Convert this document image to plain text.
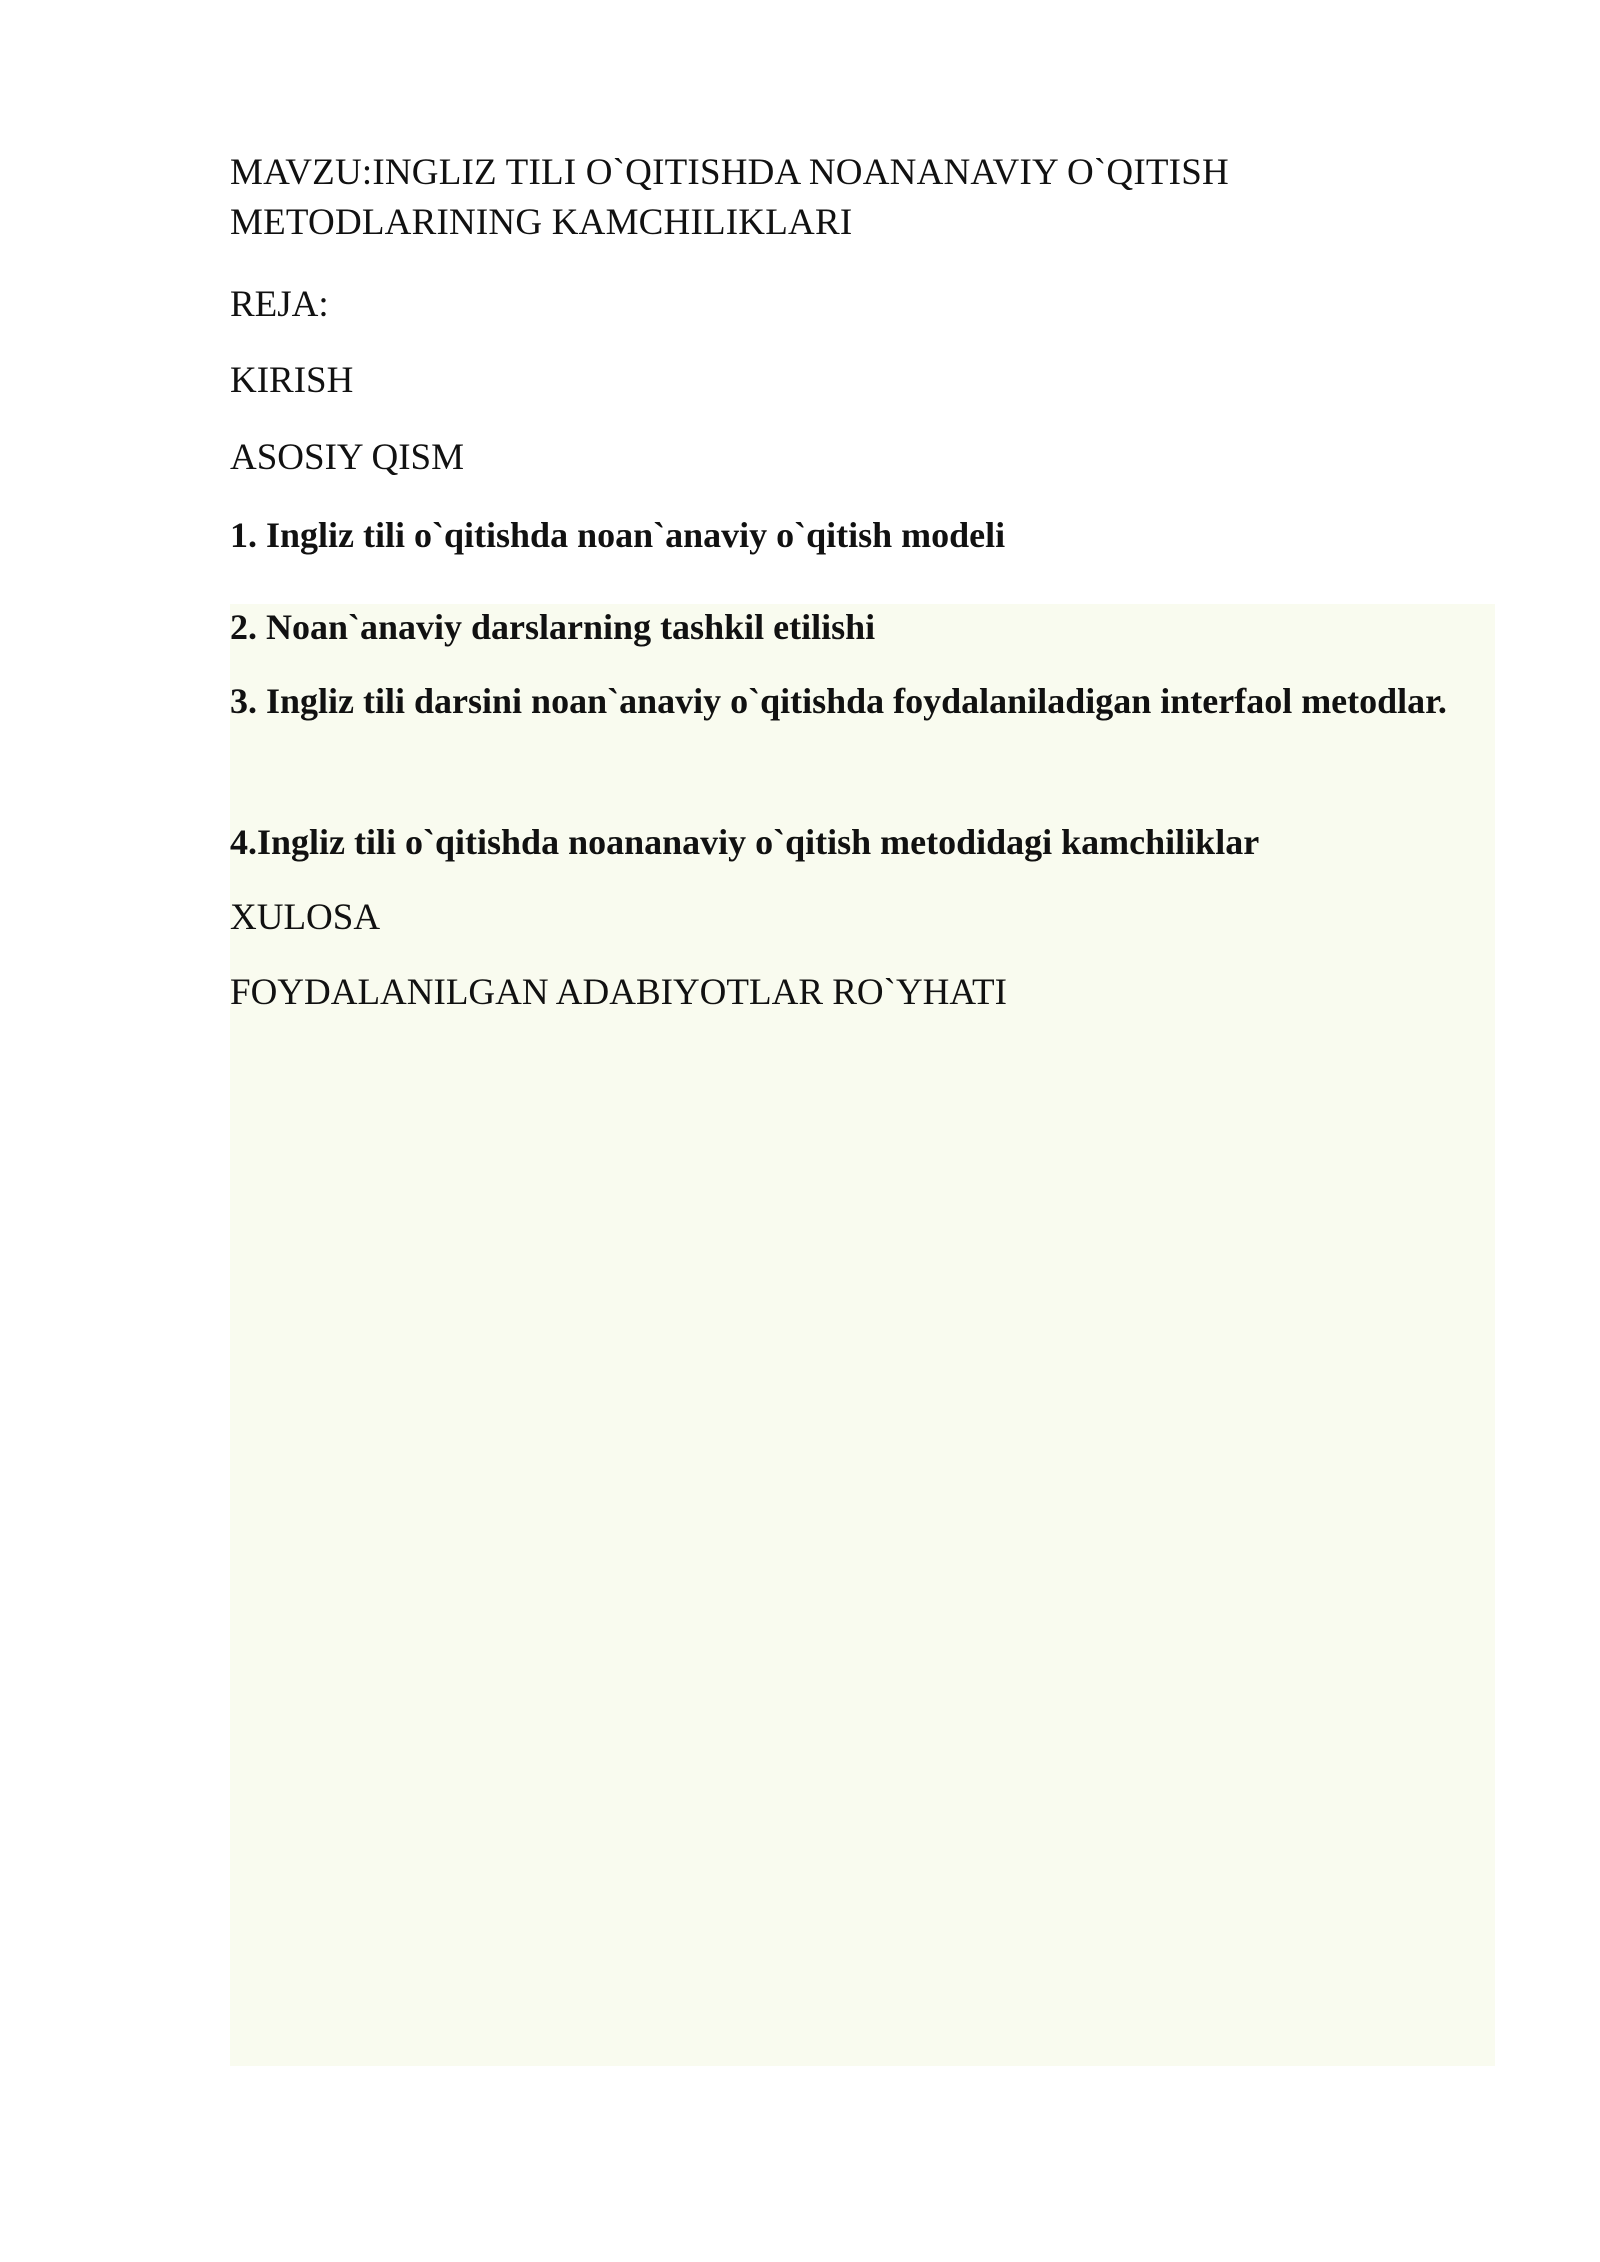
MAVZU:INGLIZ TILI O`QITISHDA NOANANAVIY O`QITISH
METODLARINING KAMCHILIKLARI
REJA:
KIRISH
ASOSIY QISM
1. Ingliz tili o`qitishda noan`anaviy o`qitish modeli
2. Noan`anaviy darslarning tashkil etilishi
3. Ingliz tili darsini noan`anaviy o`qitishda foydalaniladigan interfaol metodlar.
4.Ingliz tili o`qitishda noananaviy o`qitish metodidagi kamchiliklar
XULOSA
FOYDALANILGAN ADABIYOTLAR RO`YHATI
